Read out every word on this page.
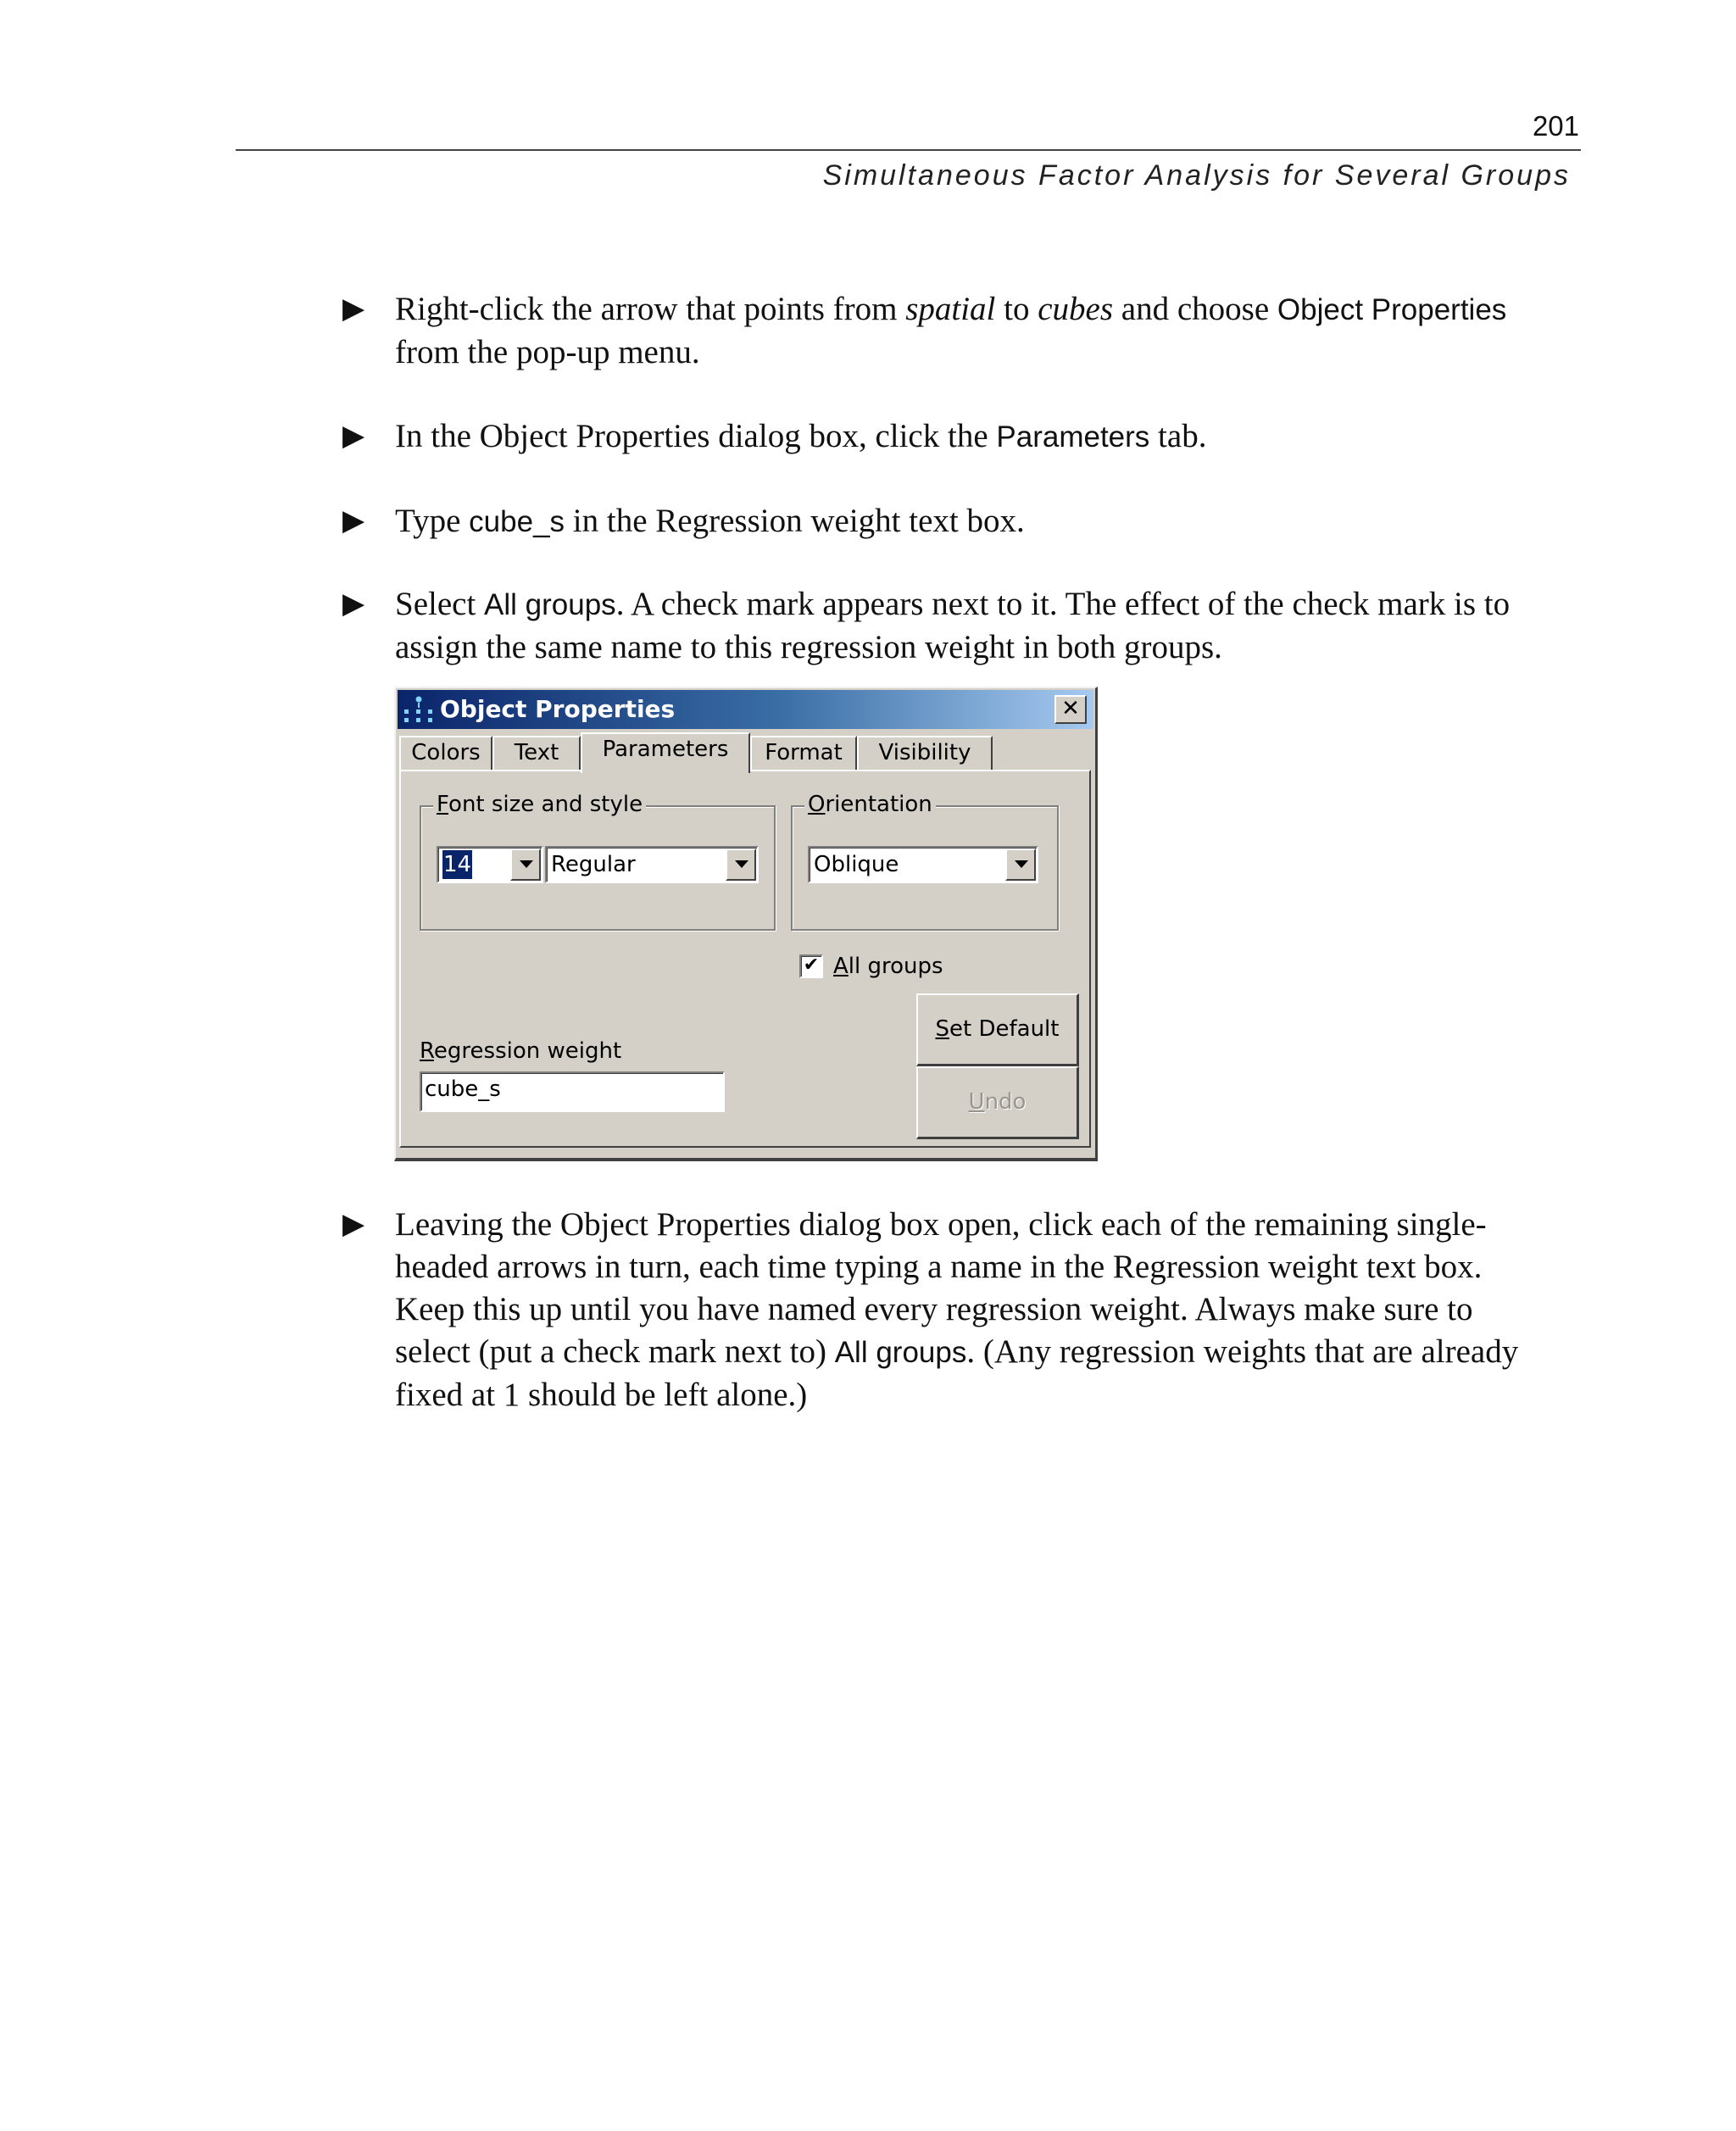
201
Simultaneous Factor Analysis for Several Groups
▶ Right-click the arrow that points from spatial to cubes and choose Object Properties
from the pop-up menu.
▶ In the Object Properties dialog box, click the Parameters tab.
▶ Type cube_s in the Regression weight text box.
▶ Select All groups. A check mark appears next to it. The effect of the check mark is to
assign the same name to this regression weight in both groups.
Object Properties	✕
Colors	Text	Parameters	Format	Visibility
Font size and style
14	Regular
Orientation
Oblique
✔ All groups
Regression weight
cube_s
Set Default
Undo
▶ Leaving the Object Properties dialog box open, click each of the remaining single-
headed arrows in turn, each time typing a name in the Regression weight text box.
Keep this up until you have named every regression weight. Always make sure to
select (put a check mark next to) All groups. (Any regression weights that are already
fixed at 1 should be left alone.)
